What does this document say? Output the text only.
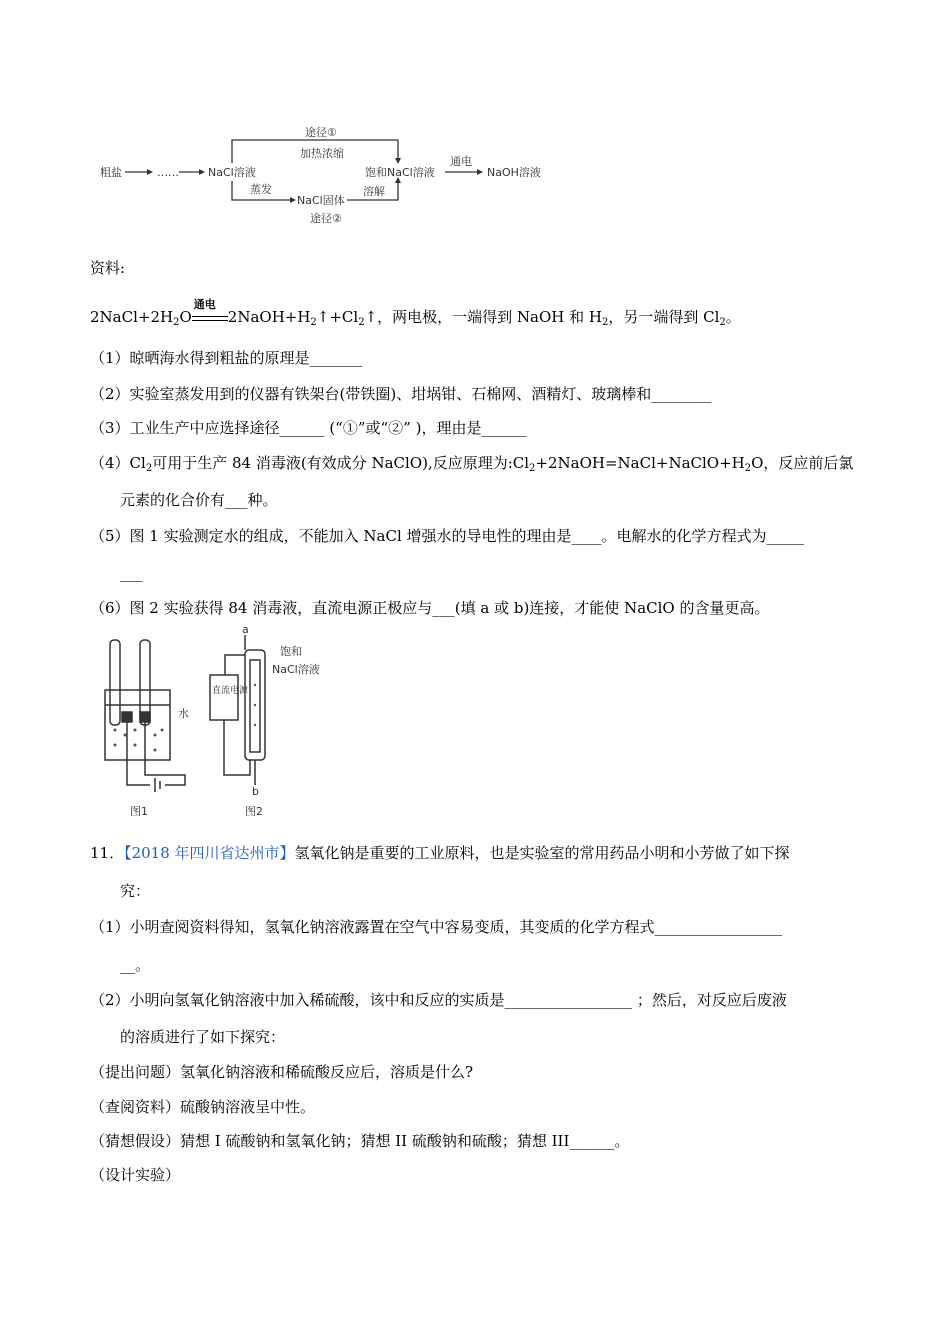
粗盐	……	NaCl溶液
途径①
加热浓缩
蒸发
NaCl固体
途径②
溶解
饱和NaCl溶液
通电
NaOH溶液
资料:
$2NaCl+2H_2O$
通电
$2NaOH+H_2↑+Cl_2↑$，两电极，一端得到 NaOH 和 $H_2$，另一端得到 $Cl_2$。
（1）晾晒海水得到粗盐的原理是_______
（2）实验室蒸发用到的仪器有铁架台(带铁圈)、坩埚钳、石棉网、酒精灯、玻璃棒和________
（3）工业生产中应选择途径______ (“①”或“②” )，理由是______
$(4)Cl_2$可用于生产 84 消毒液(有效成分 NaClO),反应原理为$:Cl_2+2NaOH=NaCl+NaClO+H_2O$，反应前后氯
元素的化合价有___种。
（5）图 1 实验测定水的组成，不能加入 NaCl 增强水的导电性的理由是____。电解水的化学方程式为_____
___
（6）图 2 实验获得 84 消毒液，直流电源正极应与___(填 a 或 b)连接，才能使 NaClO 的含量更高。
水
图1
a
b
直流电源
饱和
NaCl溶液
图2
11．【2018 年四川省达州市】氢氧化钠是重要的工业原料，也是实验室的常用药品小明和小芳做了如下探
究：
（1）小明查阅资料得知，氢氧化钠溶液露置在空气中容易变质，其变质的化学方程式_________________
__。
（2）小明向氢氧化钠溶液中加入稀硫酸，该中和反应的实质是_________________ ；然后，对反应后废液
的溶质进行了如下探究：
（提出问题）氢氧化钠溶液和稀硫酸反应后，溶质是什么?
（查阅资料）硫酸钠溶液呈中性。
（猜想假设）猜想 I 硫酸钠和氢氧化钠；猜想 II 硫酸钠和硫酸；猜想 III______。
（设计实验）
